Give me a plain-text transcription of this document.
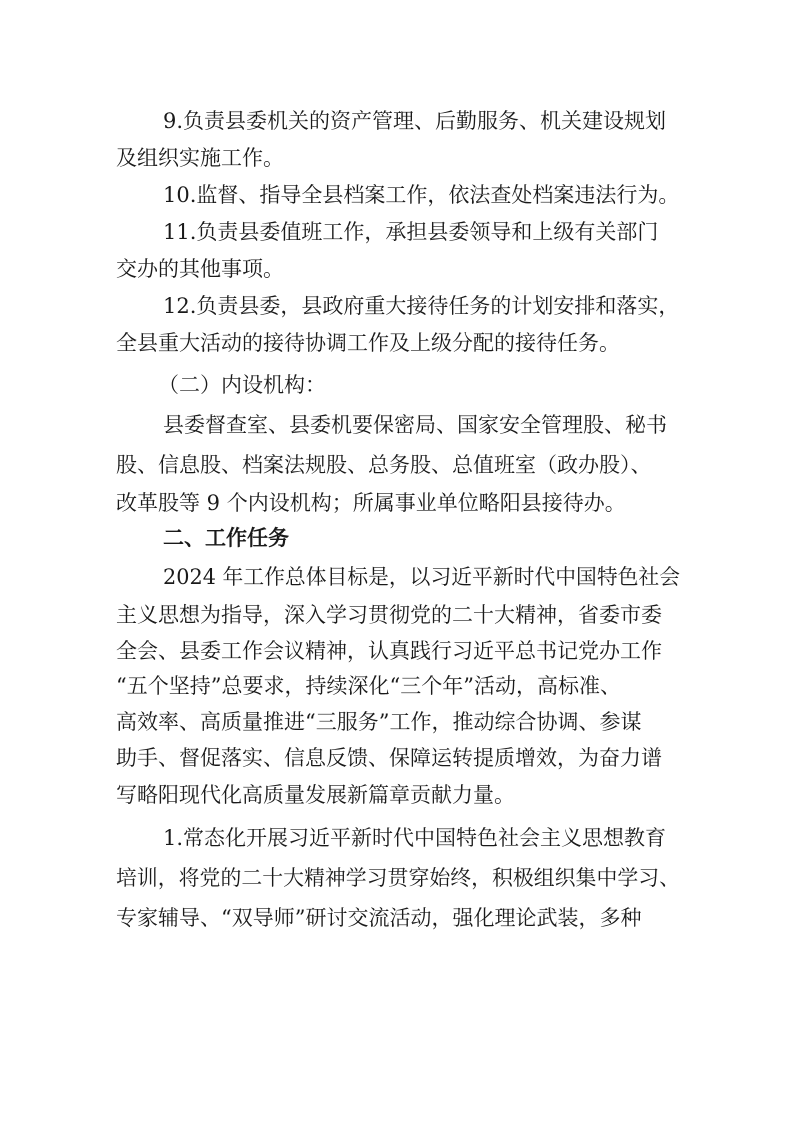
9.负责县委机关的资产管理、后勤服务、机关建设规划
及组织实施工作。
10.监督、指导全县档案工作，依法查处档案违法行为。
11.负责县委值班工作，承担县委领导和上级有关部门
交办的其他事项。
12.负责县委，县政府重大接待任务的计划安排和落实，
全县重大活动的接待协调工作及上级分配的接待任务。
（二）内设机构：
县委督查室、县委机要保密局、国家安全管理股、秘书
股、信息股、档案法规股、总务股、总值班室（政办股）、
改革股等 9 个内设机构；所属事业单位略阳县接待办。
二、工作任务
2024 年工作总体目标是，以习近平新时代中国特色社会
主义思想为指导，深入学习贯彻党的二十大精神，省委市委
全会、县委工作会议精神，认真践行习近平总书记党办工作
“五个坚持”总要求，持续深化“三个年”活动，高标准、
高效率、高质量推进“三服务”工作，推动综合协调、参谋
助手、督促落实、信息反馈、保障运转提质增效，为奋力谱
写略阳现代化高质量发展新篇章贡献力量。
1.常态化开展习近平新时代中国特色社会主义思想教育
培训，将党的二十大精神学习贯穿始终，积极组织集中学习、
专家辅导、“双导师”研讨交流活动，强化理论武装，多种
